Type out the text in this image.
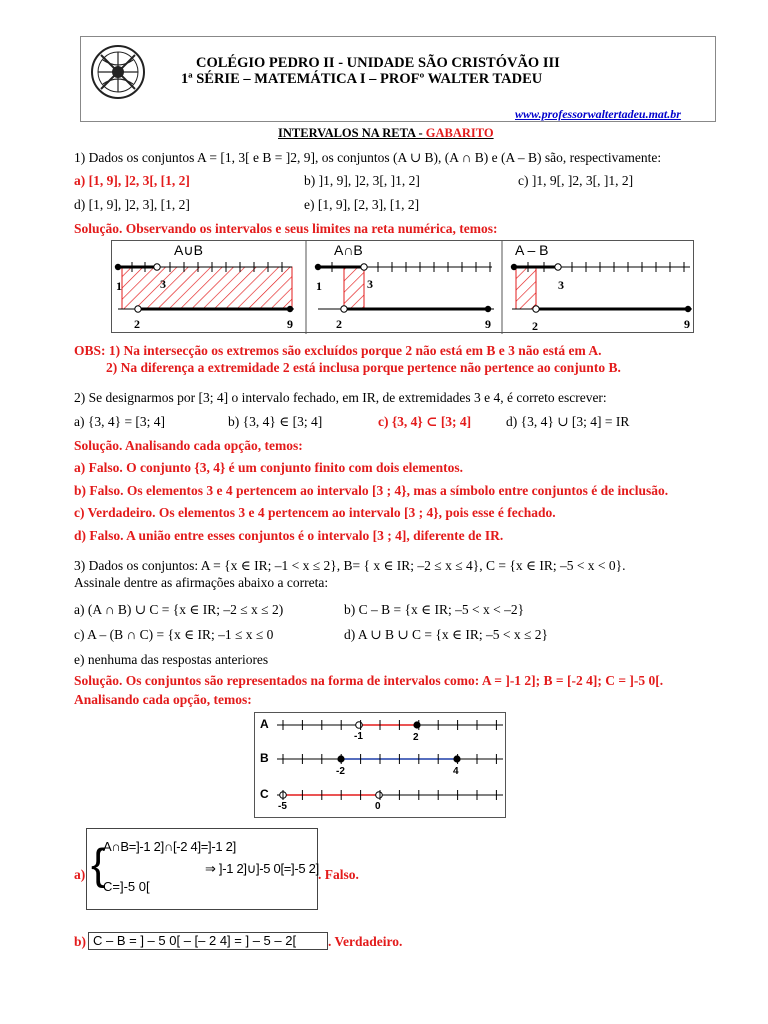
COLÉGIO PEDRO II - UNIDADE SÃO CRISTÓVÃO III
1ª SÉRIE – MATEMÁTICA I – PROFº WALTER TADEU
www.professorwaltertadeu.mat.br
INTERVALOS NA RETA - GABARITO
1) Dados os conjuntos A = [1, 3[ e B = ]2, 9], os conjuntos (A ∪ B), (A ∩ B) e (A – B) são, respectivamente:
a) [1, 9], ]2, 3[, [1, 2]	b) ]1, 9], ]2, 3[, ]1, 2]	c) ]1, 9[, ]2, 3[, ]1, 2]
d) [1, 9], ]2, 3], [1, 2]	e) [1, 9], [2, 3], [1, 2]
Solução. Observando os intervalos e seus limites na reta numérica, temos:
A∪B	A∩B	A – B
1	3
2	9
1	3
2	9
3
2	9
OBS: 1) Na intersecção os extremos são excluídos porque 2 não está em B e 3 não está em A.
2) Na diferença a extremidade 2 está inclusa porque pertence não pertence ao conjunto B.
2) Se designarmos por [3; 4] o intervalo fechado, em IR, de extremidades 3 e 4, é correto escrever:
a) {3, 4} = [3; 4]	b) {3, 4} ∈ [3; 4]	c) {3, 4} ⊂ [3; 4]	d) {3, 4} ∪ [3; 4] = IR
Solução. Analisando cada opção, temos:
a) Falso. O conjunto {3, 4} é um conjunto finito com dois elementos.
b) Falso. Os elementos 3 e 4 pertencem ao intervalo [3 ; 4}, mas a símbolo entre conjuntos é de inclusão.
c) Verdadeiro. Os elementos 3 e 4 pertencem ao intervalo [3 ; 4}, pois esse é fechado.
d) Falso. A união entre esses conjuntos é o intervalo [3 ; 4], diferente de IR.
3) Dados os conjuntos: A = {x ∈ IR; –1 < x ≤ 2}, B= { x ∈ IR; –2 ≤ x ≤ 4}, C = {x ∈ IR; –5 < x < 0}.
Assinale dentre as afirmações abaixo a correta:
a) (A ∩ B) ∪ C = {x ∈ IR; –2 ≤ x ≤ 2)	b) C – B = {x ∈ IR; –5 < x < –2}
c) A – (B ∩ C) = {x ∈ IR; –1 ≤ x ≤ 0	d) A ∪ B ∪ C = {x ∈ IR; –5 < x ≤ 2}
e) nenhuma das respostas anteriores
Solução. Os conjuntos são representados na forma de intervalos como: A = ]-1 2]; B = [-2 4]; C = ]-5 0[.
Analisando cada opção, temos:
A
B
C
-1	2
-2	4
-5	0
a) {
A∩B=]-1 2]∩[-2 4]=]-1 2]
C=]-5 0[
⇒ ]-1 2]∪]-5 0[=]-5 2] . Falso.
b) C – B = ] – 5 0[ – [– 2 4] = ] – 5 – 2[ . Verdadeiro.
